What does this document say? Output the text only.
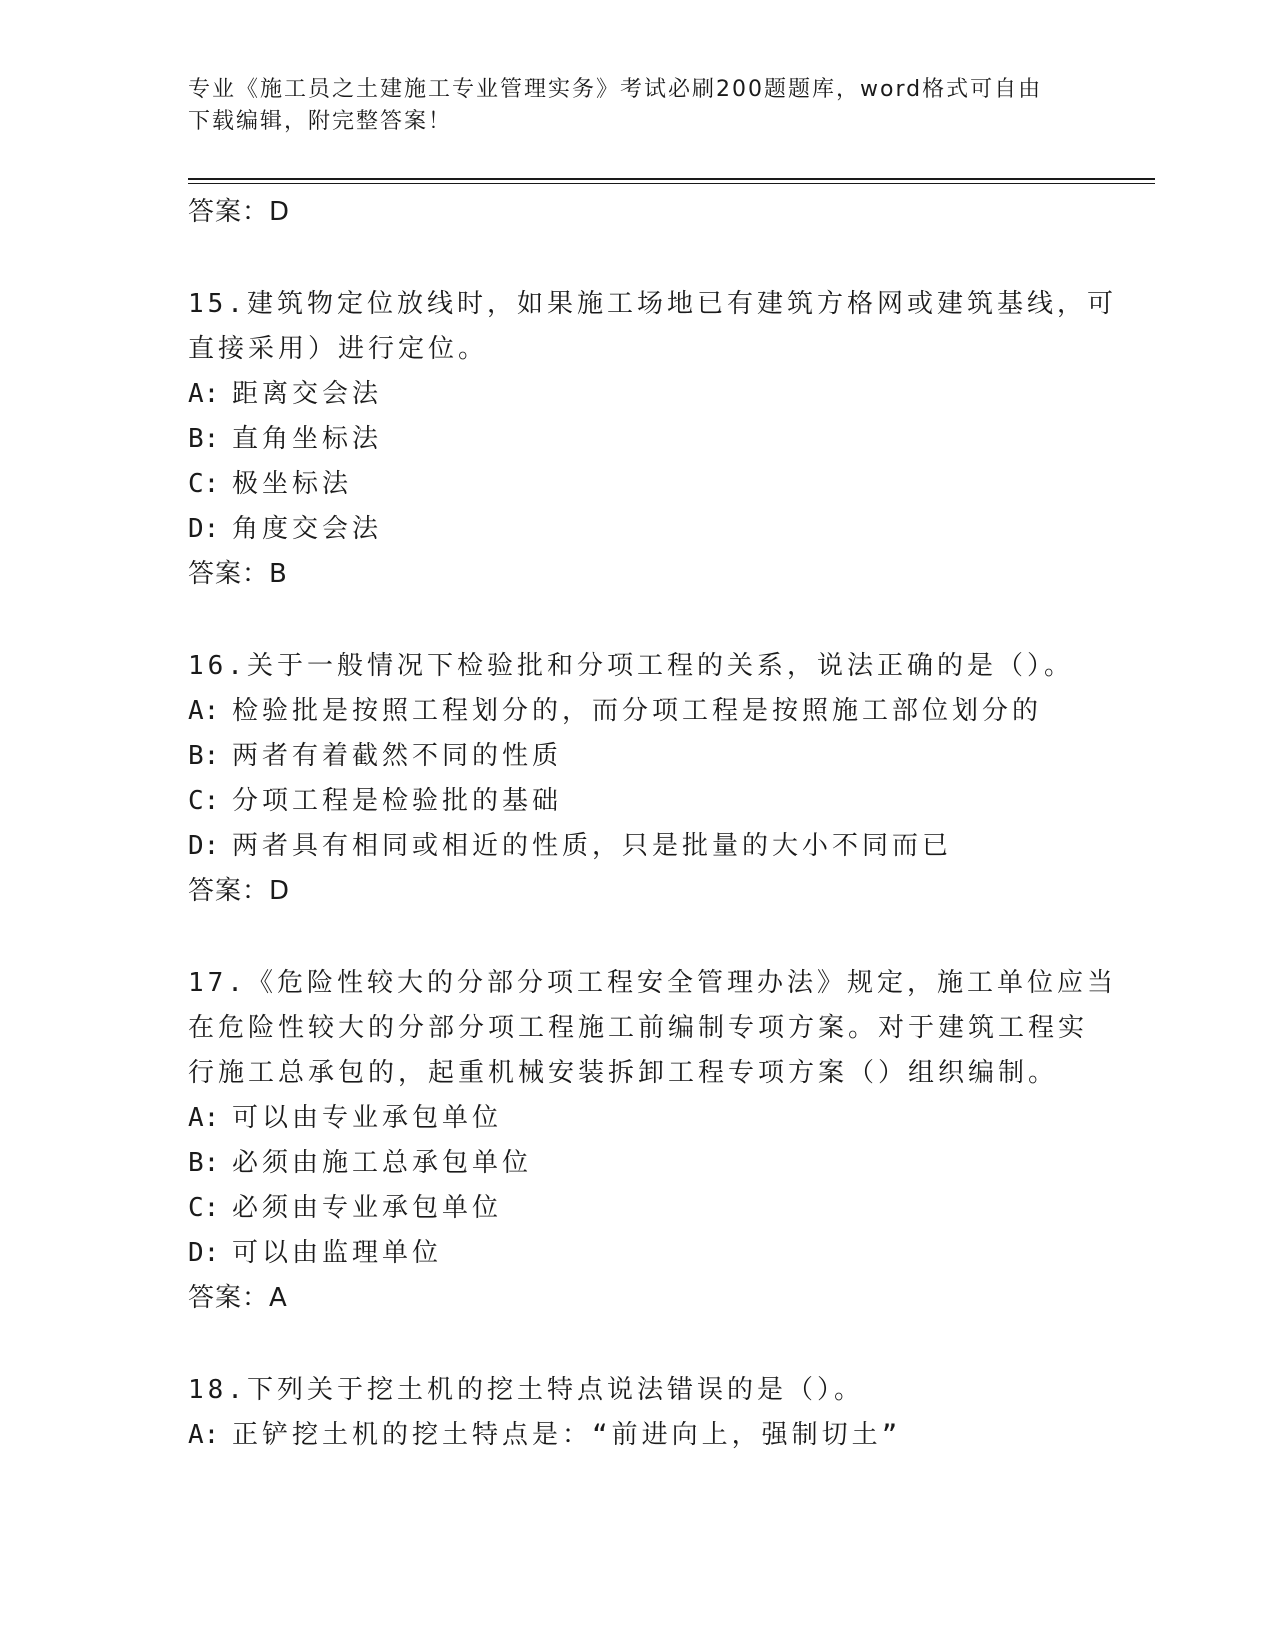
专业《施工员之土建施工专业管理实务》考试必刷200题题库，word格式可自由
下载编辑，附完整答案！
答案：D
15.建筑物定位放线时，如果施工场地已有建筑方格网或建筑基线，可
直接采用）进行定位。
A: 距离交会法
B: 直角坐标法
C: 极坐标法
D: 角度交会法
答案：B
16.关于一般情况下检验批和分项工程的关系，说法正确的是（）。
A: 检验批是按照工程划分的，而分项工程是按照施工部位划分的
B: 两者有着截然不同的性质
C: 分项工程是检验批的基础
D: 两者具有相同或相近的性质，只是批量的大小不同而已
答案：D
17.《危险性较大的分部分项工程安全管理办法》规定，施工单位应当
在危险性较大的分部分项工程施工前编制专项方案。对于建筑工程实
行施工总承包的，起重机械安装拆卸工程专项方案（）组织编制。
A: 可以由专业承包单位
B: 必须由施工总承包单位
C: 必须由专业承包单位
D: 可以由监理单位
答案：A
18.下列关于挖土机的挖土特点说法错误的是（）。
A: 正铲挖土机的挖土特点是：“前进向上，强制切土”
